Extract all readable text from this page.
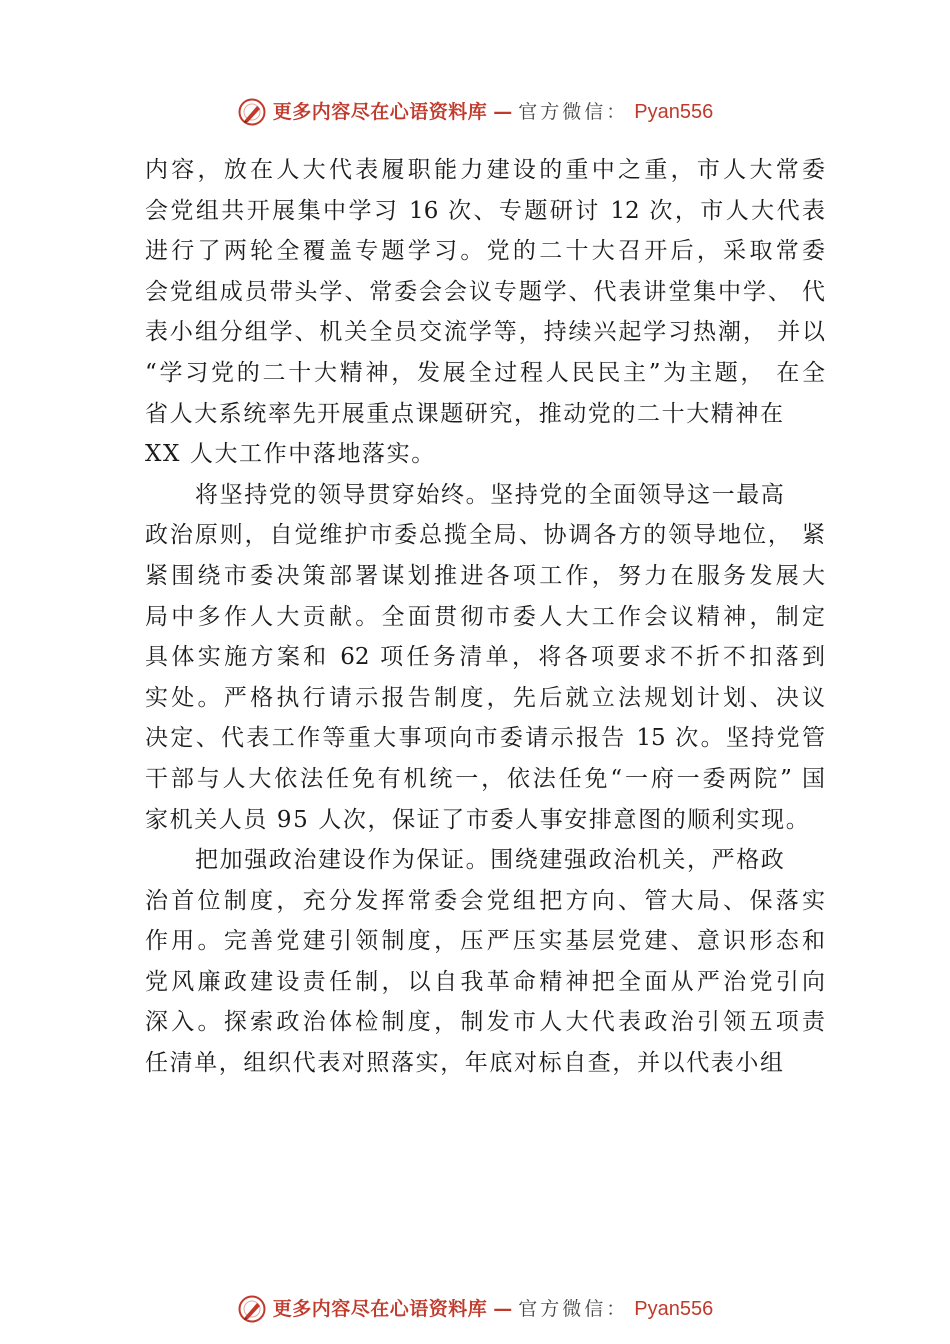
更多内容尽在心语资料库 — 官方微信： Pyan556
内容，放在人大代表履职能力建设的重中之重，市人大常委
会党组共开展集中学习 16 次、专题研讨 12 次，市人大代表
进行了两轮全覆盖专题学习。党的二十大召开后，采取常委
会党组成员带头学、常委会会议专题学、代表讲堂集中学、 代
表小组分组学、机关全员交流学等，持续兴起学习热潮， 并以
“学习党的二十大精神，发展全过程人民民主”为主题， 在全
省人大系统率先开展重点课题研究，推动党的二十大精神在
XX 人大工作中落地落实。
将坚持党的领导贯穿始终。坚持党的全面领导这一最高
政治原则，自觉维护市委总揽全局、协调各方的领导地位， 紧
紧围绕市委决策部署谋划推进各项工作，努力在服务发展大
局中多作人大贡献。全面贯彻市委人大工作会议精神，制定
具体实施方案和 62 项任务清单，将各项要求不折不扣落到
实处。严格执行请示报告制度，先后就立法规划计划、决议
决定、代表工作等重大事项向市委请示报告 15 次。坚持党管
干部与人大依法任免有机统一，依法任免“一府一委两院” 国
家机关人员 95 人次，保证了市委人事安排意图的顺利实现。
把加强政治建设作为保证。围绕建强政治机关，严格政
治首位制度，充分发挥常委会党组把方向、管大局、保落实
作用。完善党建引领制度，压严压实基层党建、意识形态和
党风廉政建设责任制，以自我革命精神把全面从严治党引向
深入。探索政治体检制度，制发市人大代表政治引领五项责
任清单，组织代表对照落实，年底对标自查，并以代表小组
更多内容尽在心语资料库 — 官方微信： Pyan556
